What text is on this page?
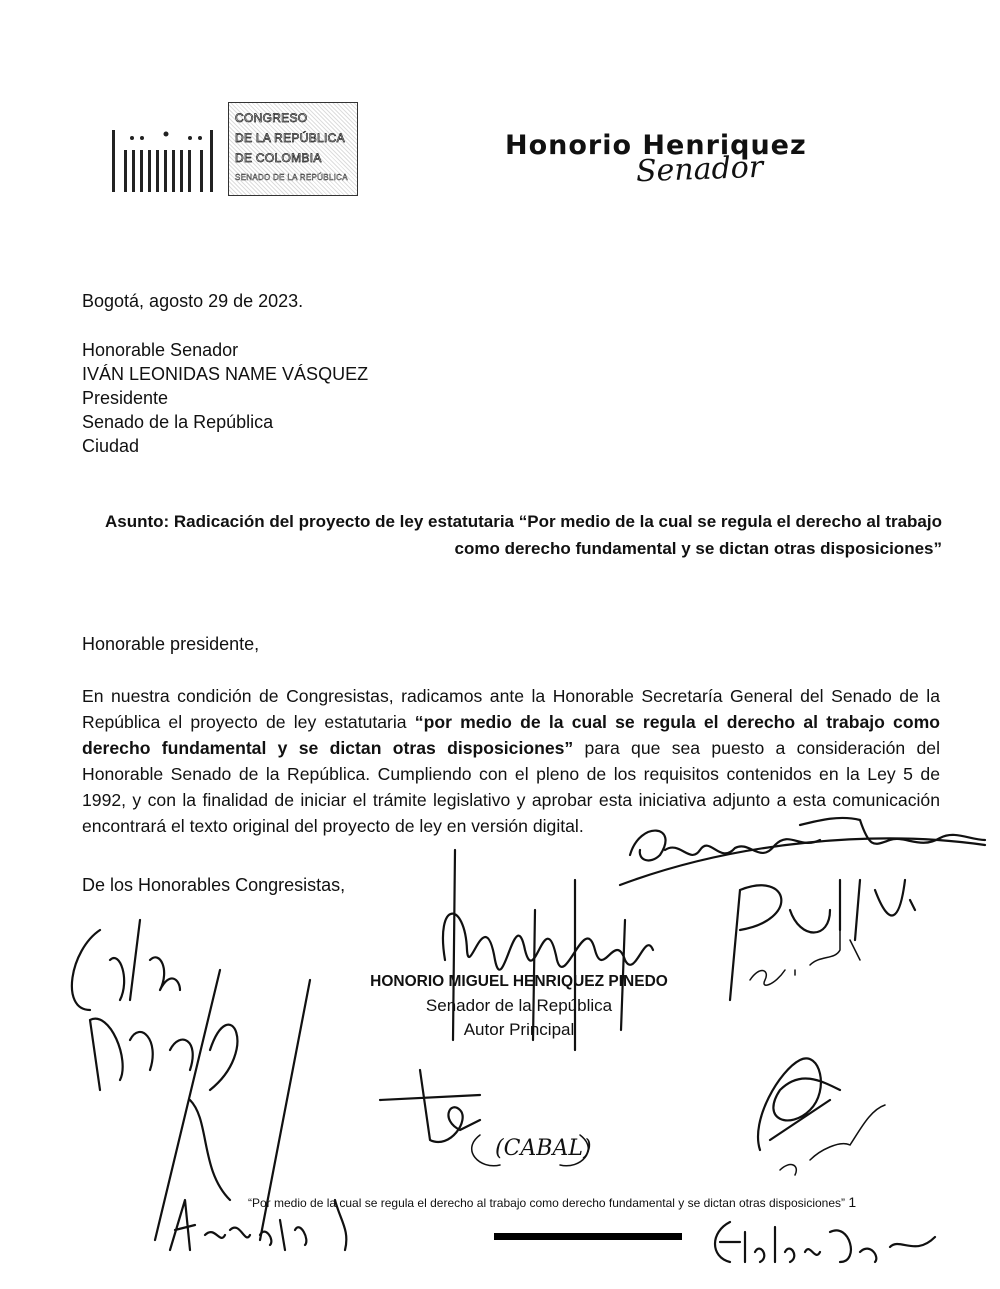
CONGRESO
DE LA REPÚBLICA
DE COLOMBIA
SENADO DE LA REPÚBLICA
Honorio Henriquez
Senador
Bogotá, agosto 29 de 2023.
Honorable Senador
IVÁN LEONIDAS NAME VÁSQUEZ
Presidente
Senado de la República
Ciudad
Asunto: Radicación del proyecto de ley estatutaria “Por medio de la cual se regula el derecho al trabajo
como derecho fundamental y se dictan otras disposiciones”
Honorable presidente,
En nuestra condición de Congresistas, radicamos ante la Honorable Secretaría General del Senado de la República el proyecto de ley estatutaria “por medio de la cual se regula el derecho al trabajo como derecho fundamental y se dictan otras disposiciones” para que sea puesto a consideración del Honorable Senado de la República. Cumpliendo con el pleno de los requisitos contenidos en la Ley 5 de 1992, y con la finalidad de iniciar el trámite legislativo y aprobar esta iniciativa adjunto a esta comunicación encontrará el texto original del proyecto de ley en versión digital.
De los Honorables Congresistas,
HONORIO MIGUEL HENRIQUEZ PINEDO
Senador de la República
Autor Principal
(CABAL)
“Por medio de la cual se regula el derecho al trabajo como derecho fundamental y se dictan otras disposiciones” 1
